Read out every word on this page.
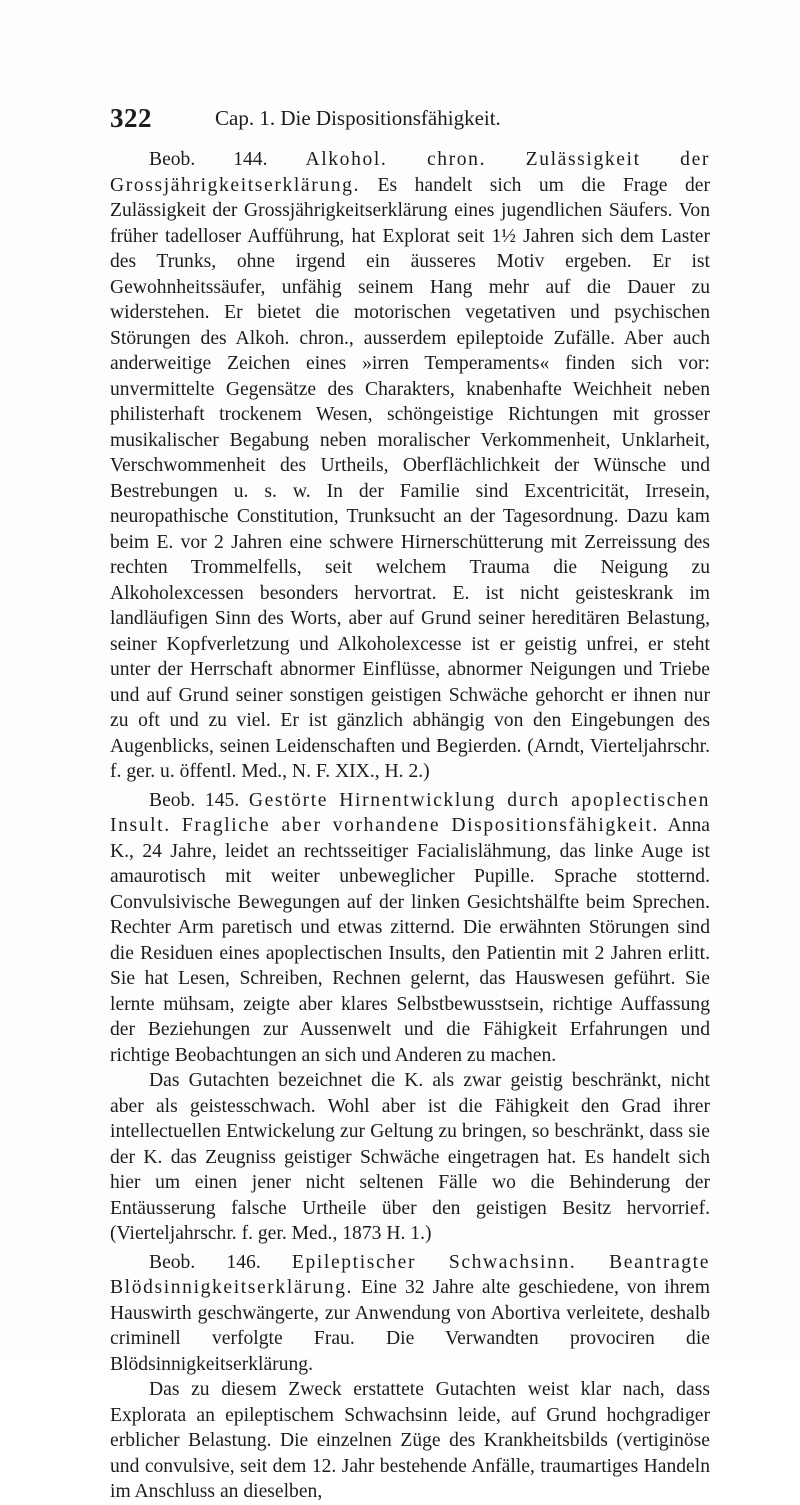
322	Cap. 1. Die Dispositionsfähigkeit.

Beob. 144. Alkohol. chron. Zulässigkeit der Grossjährigkeitserklärung. Es handelt sich um die Frage der Zulässigkeit der Grossjährigkeitserklärung eines jugendlichen Säufers. Von früher tadelloser Aufführung, hat Explorat seit 1½ Jahren sich dem Laster des Trunks, ohne irgend ein äusseres Motiv ergeben. Er ist Gewohnheitssäufer, unfähig seinem Hang mehr auf die Dauer zu widerstehen. Er bietet die motorischen vegetativen und psychischen Störungen des Alkoh. chron., ausserdem epileptoide Zufälle. Aber auch anderweitige Zeichen eines »irren Temperaments« finden sich vor: unvermittelte Gegensätze des Charakters, knabenhafte Weichheit neben philisterhaft trockenem Wesen, schöngeistige Richtungen mit grosser musikalischer Begabung neben moralischer Verkommenheit, Unklarheit, Verschwommenheit des Urtheils, Oberflächlichkeit der Wünsche und Bestrebungen u. s. w. In der Familie sind Excentricität, Irresein, neuropathische Constitution, Trunksucht an der Tagesordnung. Dazu kam beim E. vor 2 Jahren eine schwere Hirnerschütterung mit Zerreissung des rechten Trommelfells, seit welchem Trauma die Neigung zu Alkoholexcessen besonders hervortrat. E. ist nicht geisteskrank im landläufigen Sinn des Worts, aber auf Grund seiner hereditären Belastung, seiner Kopfverletzung und Alkoholexcesse ist er geistig unfrei, er steht unter der Herrschaft abnormer Einflüsse, abnormer Neigungen und Triebe und auf Grund seiner sonstigen geistigen Schwäche gehorcht er ihnen nur zu oft und zu viel. Er ist gänzlich abhängig von den Eingebungen des Augenblicks, seinen Leidenschaften und Begierden. (Arndt, Vierteljahrschr. f. ger. u. öffentl. Med., N. F. XIX., H. 2.)

Beob. 145. Gestörte Hirnentwicklung durch apoplectischen Insult. Fragliche aber vorhandene Dispositionsfähigkeit. Anna K., 24 Jahre, leidet an rechtsseitiger Facialislähmung, das linke Auge ist amaurotisch mit weiter unbeweglicher Pupille. Sprache stotternd. Convulsivische Bewegungen auf der linken Gesichtshälfte beim Sprechen. Rechter Arm paretisch und etwas zitternd. Die erwähnten Störungen sind die Residuen eines apoplectischen Insults, den Patientin mit 2 Jahren erlitt. Sie hat Lesen, Schreiben, Rechnen gelernt, das Hauswesen geführt. Sie lernte mühsam, zeigte aber klares Selbstbewusstsein, richtige Auffassung der Beziehungen zur Aussenwelt und die Fähigkeit Erfahrungen und richtige Beobachtungen an sich und Anderen zu machen.

Das Gutachten bezeichnet die K. als zwar geistig beschränkt, nicht aber als geistesschwach. Wohl aber ist die Fähigkeit den Grad ihrer intellectuellen Entwickelung zur Geltung zu bringen, so beschränkt, dass sie der K. das Zeugniss geistiger Schwäche eingetragen hat. Es handelt sich hier um einen jener nicht seltenen Fälle wo die Behinderung der Entäusserung falsche Urtheile über den geistigen Besitz hervorrief. (Vierteljahrschr. f. ger. Med., 1873 H. 1.)

Beob. 146. Epileptischer Schwachsinn. Beantragte Blödsinnigkeitserklärung. Eine 32 Jahre alte geschiedene, von ihrem Hauswirth geschwängerte, zur Anwendung von Abortiva verleitete, deshalb criminell verfolgte Frau. Die Verwandten provociren die Blödsinnigkeitserklärung.

Das zu diesem Zweck erstattete Gutachten weist klar nach, dass Explorata an epileptischem Schwachsinn leide, auf Grund hochgradiger erblicher Belastung. Die einzelnen Züge des Krankheitsbilds (vertiginöse und convulsive, seit dem 12. Jahr bestehende Anfälle, traumartiges Handeln im Anschluss an dieselben,
